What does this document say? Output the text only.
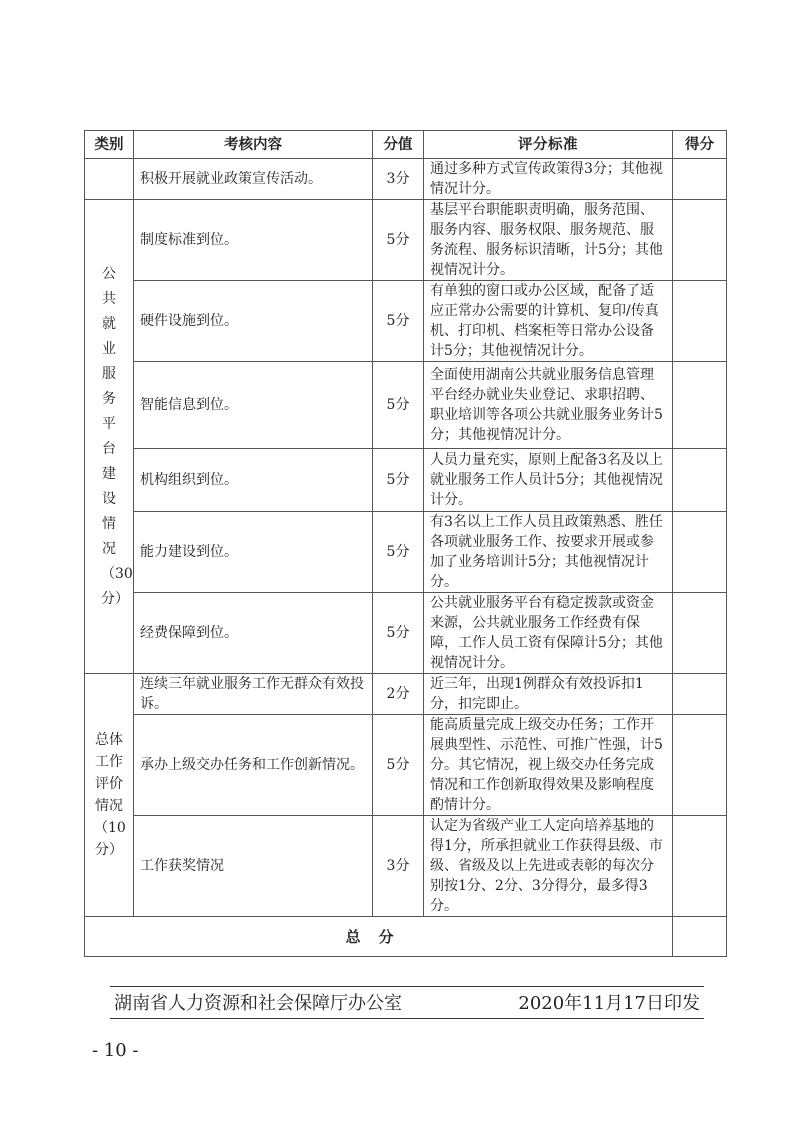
类别	考核内容	分值	评分标准	得分
	积极开展就业政策宣传活动。	3分	通过多种方式宣传政策得3分；其他视情况计分。	
公共就业服务平台建设情况（30分）	制度标准到位。	5分	基层平台职能职责明确，服务范围、服务内容、服务权限、服务规范、服务流程、服务标识清晰，计5分；其他视情况计分。	
	硬件设施到位。	5分	有单独的窗口或办公区域，配备了适应正常办公需要的计算机、复印/传真机、打印机、档案柜等日常办公设备计5分；其他视情况计分。	
	智能信息到位。	5分	全面使用湖南公共就业服务信息管理平台经办就业失业登记、求职招聘、职业培训等各项公共就业服务业务计5分；其他视情况计分。	
	机构组织到位。	5分	人员力量充实，原则上配备3名及以上就业服务工作人员计5分；其他视情况计分。	
	能力建设到位。	5分	有3名以上工作人员且政策熟悉、胜任各项就业服务工作、按要求开展或参加了业务培训计5分；其他视情况计分。	
	经费保障到位。	5分	公共就业服务平台有稳定拨款或资金来源，公共就业服务工作经费有保障，工作人员工资有保障计5分；其他视情况计分。	
总体工作评价情况（10分）	连续三年就业服务工作无群众有效投诉。	2分	近三年，出现1例群众有效投诉扣1分，扣完即止。	
	承办上级交办任务和工作创新情况。	5分	能高质量完成上级交办任务；工作开展典型性、示范性、可推广性强，计5分。其它情况，视上级交办任务完成情况和工作创新取得效果及影响程度酌情计分。	
	工作获奖情况	3分	认定为省级产业工人定向培养基地的得1分，所承担就业工作获得县级、市级、省级及以上先进或表彰的每次分别按1分、2分、3分得分，最多得3分。	
总分				
湖南省人力资源和社会保障厅办公室	2020年11月17日印发
- 10 -
